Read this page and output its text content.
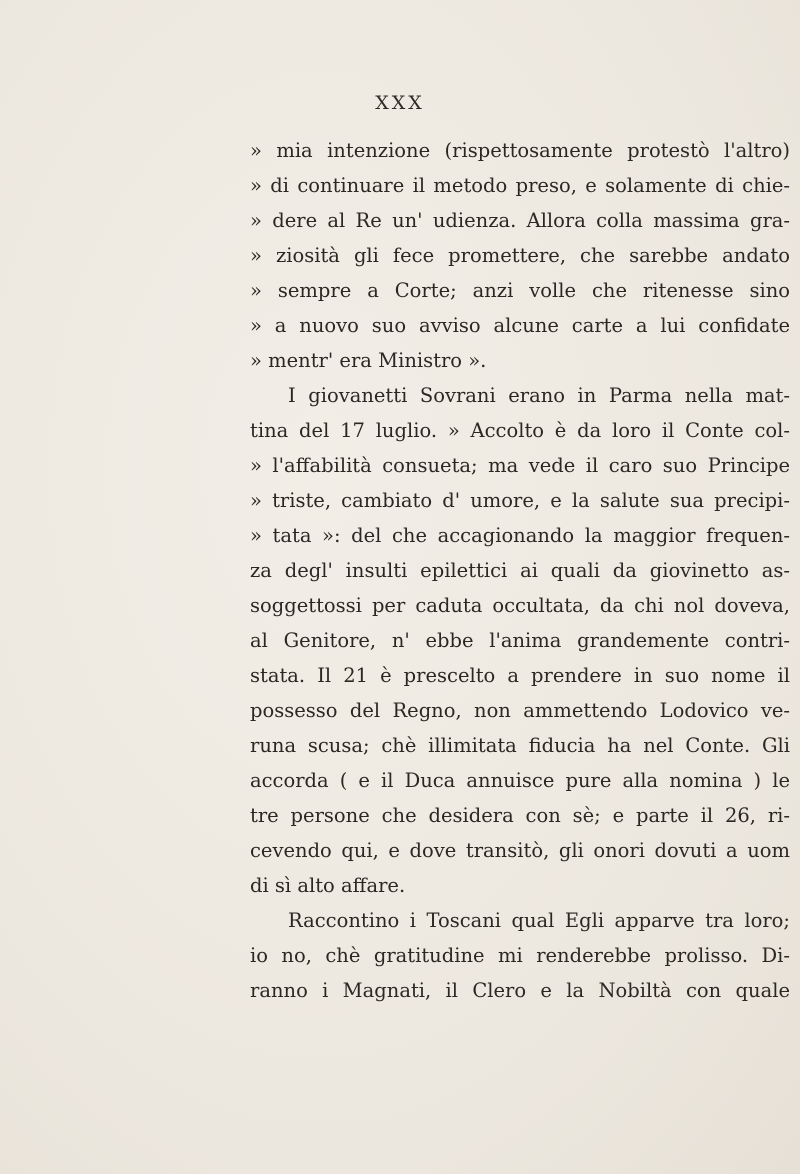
XXX
» mia intenzione (rispettosamente protestò l'altro)
» di continuare il metodo preso, e solamente di chie-
» dere al Re un' udienza. Allora colla massima gra-
» ziosità gli fece promettere, che sarebbe andato
» sempre a Corte; anzi volle che ritenesse sino
» a nuovo suo avviso alcune carte a lui confidate
» mentr' era Ministro ».
I giovanetti Sovrani erano in Parma nella mat-
tina del 17 luglio. » Accolto è da loro il Conte col-
» l'affabilità consueta; ma vede il caro suo Principe
» triste, cambiato d' umore, e la salute sua precipi-
» tata »: del che accagionando la maggior frequen-
za degl' insulti epilettici ai quali da giovinetto as-
soggettossi per caduta occultata, da chi nol doveva,
al Genitore, n' ebbe l'anima grandemente contri-
stata. Il 21 è prescelto a prendere in suo nome il
possesso del Regno, non ammettendo Lodovico ve-
runa scusa; chè illimitata fiducia ha nel Conte. Gli
accorda ( e il Duca annuisce pure alla nomina ) le
tre persone che desidera con sè; e parte il 26, ri-
cevendo qui, e dove transitò, gli onori dovuti a uom
di sì alto affare.
Raccontino i Toscani qual Egli apparve tra loro;
io no, chè gratitudine mi renderebbe prolisso. Di-
ranno i Magnati, il Clero e la Nobiltà con quale
